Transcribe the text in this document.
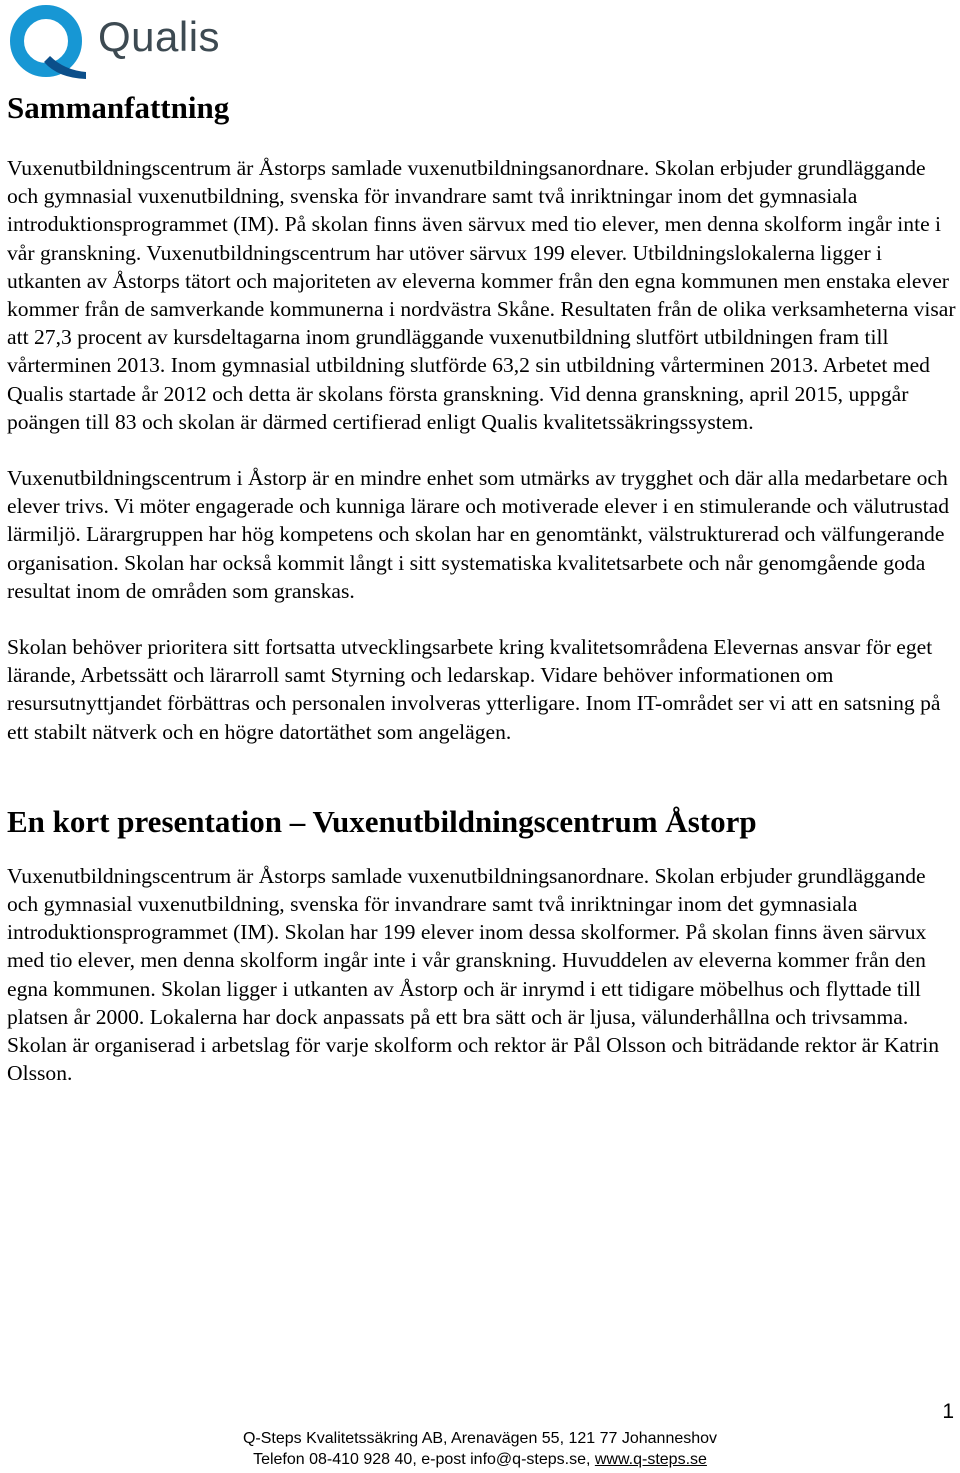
Qualis
Sammanfattning

Vuxenutbildningscentrum är Åstorps samlade vuxenutbildningsanordnare. Skolan erbjuder grundläggande och gymnasial vuxenutbildning, svenska för invandrare samt två inriktningar inom det gymnasiala introduktionsprogrammet (IM). På skolan finns även särvux med tio elever, men denna skolform ingår inte i vår granskning. Vuxenutbildningscentrum har utöver särvux 199 elever. Utbildningslokalerna ligger i utkanten av Åstorps tätort och majoriteten av eleverna kommer från den egna kommunen men enstaka elever kommer från de samverkande kommunerna i nordvästra Skåne. Resultaten från de olika verksamheterna visar att 27,3 procent av kursdeltagarna inom grundläggande vuxenutbildning slutfört utbildningen fram till vårterminen 2013. Inom gymnasial utbildning slutförde 63,2 sin utbildning vårterminen 2013. Arbetet med Qualis startade år 2012 och detta är skolans första granskning. Vid denna granskning, april 2015, uppgår poängen till 83 och skolan är därmed certifierad enligt Qualis kvalitetssäkringssystem.

Vuxenutbildningscentrum i Åstorp är en mindre enhet som utmärks av trygghet och där alla medarbetare och elever trivs. Vi möter engagerade och kunniga lärare och motiverade elever i en stimulerande och välutrustad lärmiljö. Lärargruppen har hög kompetens och skolan har en genomtänkt, välstrukturerad och välfungerande organisation. Skolan har också kommit långt i sitt systematiska kvalitetsarbete och når genomgående goda resultat inom de områden som granskas.

Skolan behöver prioritera sitt fortsatta utvecklingsarbete kring kvalitetsområdena Elevernas ansvar för eget lärande, Arbetssätt och lärarroll samt Styrning och ledarskap. Vidare behöver informationen om resursutnyttjandet förbättras och personalen involveras ytterligare. Inom IT-området ser vi att en satsning på ett stabilt nätverk och en högre datortäthet som angelägen.

En kort presentation – Vuxenutbildningscentrum Åstorp

Vuxenutbildningscentrum är Åstorps samlade vuxenutbildningsanordnare. Skolan erbjuder grundläggande och gymnasial vuxenutbildning, svenska för invandrare samt två inriktningar inom det gymnasiala introduktionsprogrammet (IM). Skolan har 199 elever inom dessa skolformer. På skolan finns även särvux med tio elever, men denna skolform ingår inte i vår granskning. Huvuddelen av eleverna kommer från den egna kommunen. Skolan ligger i utkanten av Åstorp och är inrymd i ett tidigare möbelhus och flyttade till platsen år 2000. Lokalerna har dock anpassats på ett bra sätt och är ljusa, välunderhållna och trivsamma. Skolan är organiserad i arbetslag för varje skolform och rektor är Pål Olsson och biträdande rektor är Katrin Olsson.

1
Q-Steps Kvalitetssäkring AB, Arenavägen 55, 121 77 Johanneshov
Telefon 08-410 928 40, e-post info@q-steps.se, www.q-steps.se
